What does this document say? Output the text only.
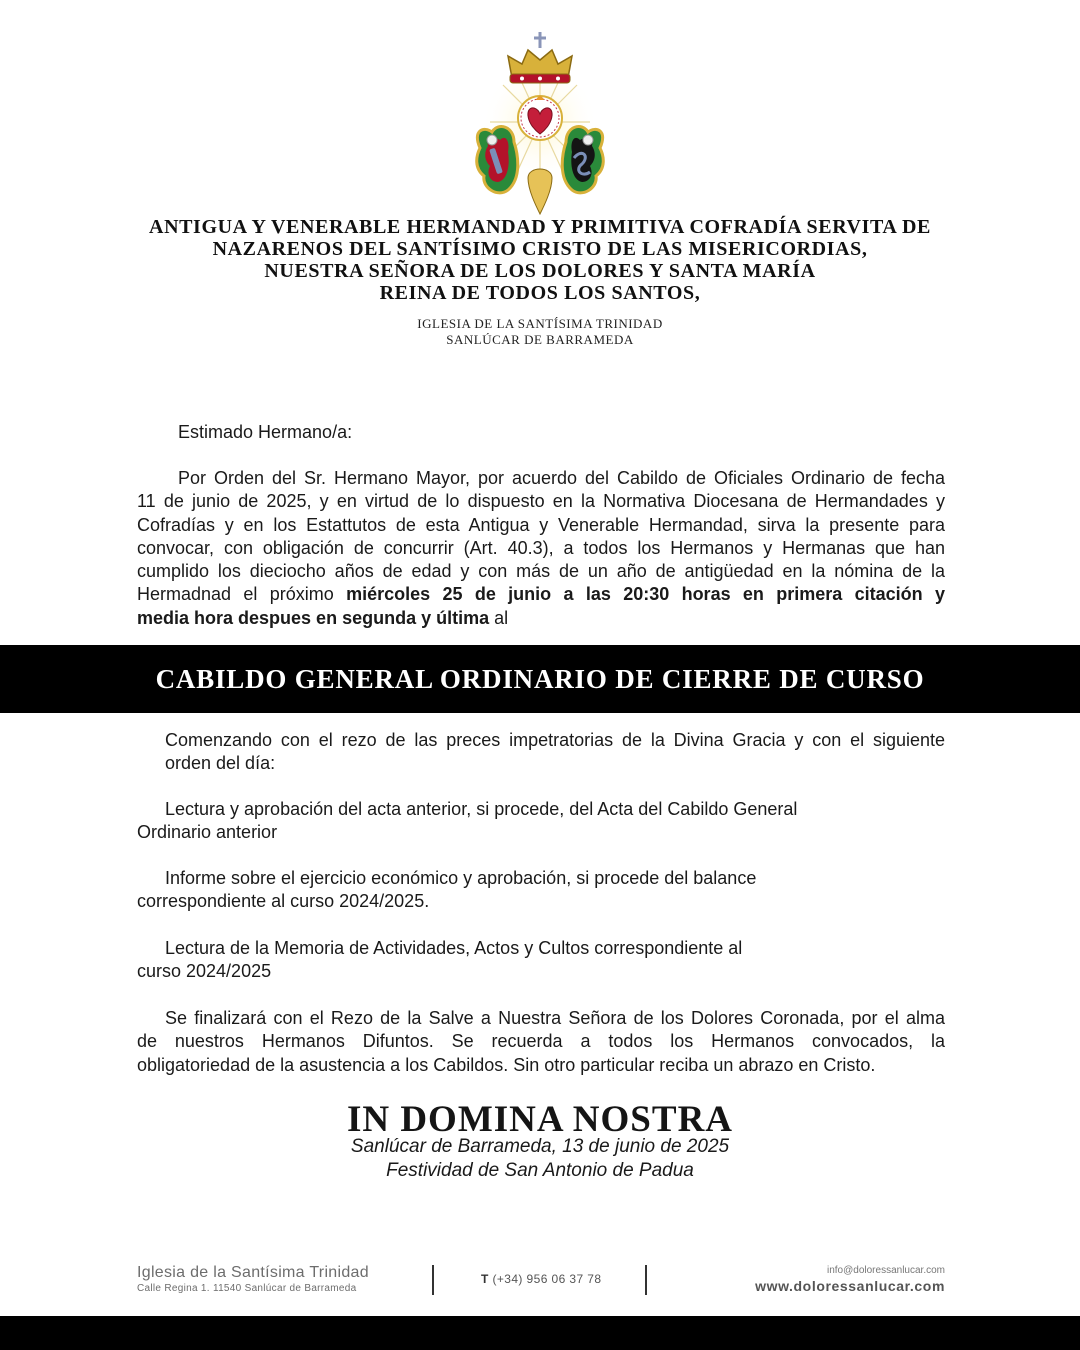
ANTIGUA Y VENERABLE HERMANDAD Y PRIMITIVA COFRADÍA SERVITA DE
NAZARENOS DEL SANTÍSIMO CRISTO DE LAS MISERICORDIAS,
NUESTRA SEÑORA DE LOS DOLORES Y SANTA MARÍA
REINA DE TODOS LOS SANTOS,
IGLESIA DE LA SANTÍSIMA TRINIDAD
SANLÚCAR DE BARRAMEDA
Estimado Hermano/a:
Por Orden del Sr. Hermano Mayor, por acuerdo del Cabildo de Oficiales Ordinario de fecha
11 de junio de 2025, y en virtud de lo dispuesto en la Normativa Diocesana de Hermandades y
Cofradías y en los Estattutos de esta Antigua y Venerable Hermandad, sirva la presente para
convocar, con obligación de concurrir (Art. 40.3), a todos los Hermanos y Hermanas que han
cumplido los dieciocho años de edad y con más de un año de antigüedad en la nómina de la
Hermadnad el próximo miércoles 25 de junio a las 20:30 horas en primera citación y
media hora despues en segunda y última al
CABILDO GENERAL ORDINARIO DE CIERRE DE CURSO
Comenzando con el rezo de las preces impetratorias de la Divina Gracia y con el siguiente
orden del día:
Lectura y aprobación del acta anterior, si procede, del Acta del Cabildo General
Ordinario anterior
Informe sobre el ejercicio económico y aprobación, si procede del balance
correspondiente al curso 2024/2025.
Lectura de la Memoria de Actividades, Actos y Cultos correspondiente al
curso 2024/2025
Se finalizará con el Rezo de la Salve a Nuestra Señora de los Dolores Coronada, por el alma
de nuestros Hermanos Difuntos. Se recuerda a todos los Hermanos convocados, la
obligatoriedad de la asustencia a los Cabildos. Sin otro particular reciba un abrazo en Cristo.
IN DOMINA NOSTRA
Sanlúcar de Barrameda, 13 de junio de 2025
Festividad de San Antonio de Padua
Iglesia de la Santísima Trinidad
Calle Regina 1. 11540 Sanlúcar de Barrameda
T (+34) 956 06 37 78
info@doloressanlucar.com
www.doloressanlucar.com
